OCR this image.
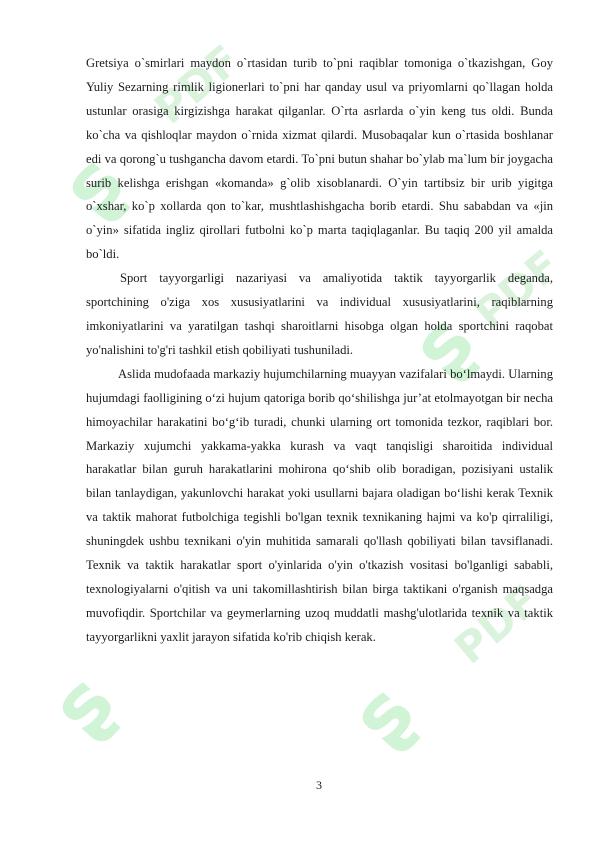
ʂ
ʂ
ʂ	ʂ
PDF
PDF
PDF

Gretsiya o`smirlari maydon o`rtasidan turib to`pni raqiblar tomoniga o`tkazishgan, Goy Yuliy Sezarning rimlik ligionerlari to`pni har qanday usul va priyomlarni qo`llagan holda ustunlar orasiga kirgizishga harakat qilganlar. O`rta asrlarda o`yin keng tus oldi. Bunda ko`cha va qishloqlar maydon o`rnida xizmat qilardi. Musobaqalar kun o`rtasida boshlanar edi va qorong`u tushgancha davom etardi. To`pni butun shahar bo`ylab ma`lum bir joygacha surib kelishga erishgan «komanda» g`olib xisoblanardi. O`yin tartibsiz bir urib yigitga o`xshar, ko`p xollarda qon to`kar, mushtlashishgacha borib etardi. Shu sababdan va «jin o`yin» sifatida ingliz qirollari futbolni ko`p marta taqiqlaganlar. Bu taqiq 200 yil amalda bo`ldi.

Sport tayyorgarligi nazariyasi va amaliyotida taktik tayyorgarlik deganda, sportchining o'ziga xos xususiyatlarini va individual xususiyatlarini, raqiblarning imkoniyatlarini va yaratilgan tashqi sharoitlarni hisobga olgan holda sportchini raqobat yo'nalishini to'g'ri tashkil etish qobiliyati tushuniladi.

Aslida mudofaada markaziy hujumchilarning muayyan vazifalari bo‘lmaydi. Ularning hujumdagi faolligining o‘zi hujum qatoriga borib qo‘shilishga jur’at etolmayotgan bir necha himoyachilar harakatini bo‘g‘ib turadi, chunki ularning ort tomonida tezkor, raqiblari bor. Markaziy xujumchi yakkama-yakka kurash va vaqt tanqisligi sharoitida individual harakatlar bilan guruh harakatlarini mohirona qo‘shib olib boradigan, pozisiyani ustalik bilan tanlaydigan, yakunlovchi harakat yoki usullarni bajara oladigan bo‘lishi kerak Texnik va taktik mahorat futbolchiga tegishli bo'lgan texnik texnikaning hajmi va ko'p qirraliligi, shuningdek ushbu texnikani o'yin muhitida samarali qo'llash qobiliyati bilan tavsiflanadi. Texnik va taktik harakatlar sport o'yinlarida o'yin o'tkazish vositasi bo'lganligi sababli, texnologiyalarni o'qitish va uni takomillashtirish bilan birga taktikani o'rganish maqsadga muvofiqdir. Sportchilar va geymerlarning uzoq muddatli mashg'ulotlarida texnik va taktik tayyorgarlikni yaxlit jarayon sifatida ko'rib chiqish kerak.

3
